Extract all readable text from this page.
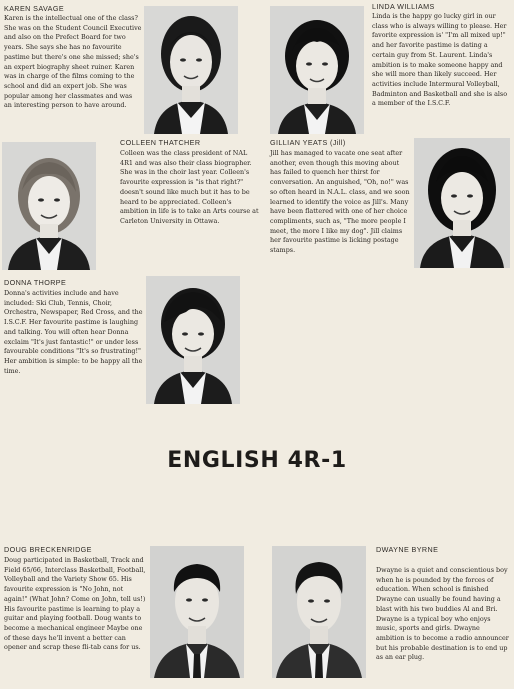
KAREN SAVAGE

Karen is the intellectual one of the class? She was on the Student Council Executive and also on the Prefect Board for two years. She says she has no favourite pastime but there's one she missed; she's an expert biography sheet ruiner. Karen was in charge of the films coming to the school and did an expert job. She was popular among her classmates and was an interesting person to have around.

LINDA WILLIAMS

Linda is the happy go lucky girl in our class who is always willing to please. Her favorite expression is' "I'm all mixed up!" and her favorite pastime is dating a certain guy from St. Laurent. Linda's ambition is to make someone happy and she will more than likely succeed. Her activities include Intermural Volleyball, Badminton and Basketball and she is also a member of the I.S.C.F.

COLLEEN THATCHER

Colleen was the class president of NAL 4R1 and was also their class biographer. She was in the choir last year. Colleen's favourite expression is "is that right?" doesn't sound like much but it has to be heard to be appreciated. Colleen's ambition in life is to take an Arts course at Carleton University in Ottawa.

GILLIAN YEATS (Jill)

Jill has managed to vacate one seat after another, even though this moving about has failed to quench her thirst for conversation. An anguished, "Oh, no!" was so often heard in N.A.L. class, and we soon learned to identify the voice as Jill's. Many have been flattered with one of her choice compliments, such as, "The more people I meet, the more I like my dog". Jill claims her favourite pastime is licking postage stamps.

DONNA THORPE

Donna's activities include and have included: Ski Club, Tennis, Choir, Orchestra, Newspaper, Red Cross, and the I.S.C.F. Her favourite pastime is laughing and talking. You will often hear Donna exclaim "It's just fantastic!" or under less favourable conditions "It's so frustrating!" Her ambition is simple: to be happy all the time.

ENGLISH 4R-1
DOUG BRECKENRIDGE

Doug participated in Basketball, Track and Field 65/66, Interclass Basketball, Football, Volleyball and the Variety Show 65. His favourite expression is "No John, not again!" (What John? Come on John, tell us!) His favourite pastime is learning to play a guitar and playing football. Doug wants to become a mechanical engineer Maybe one of these days he'll invent a better can opener and scrap these fli-tab cans for us.

DWAYNE BYRNE

Dwayne is a quiet and conscientious boy when he is pounded by the forces of education. When school is finished Dwayne can usually be found having a blast with his two buddies Al and Bri. Dwayne is a typical boy who enjoys music, sports and girls. Dwayne ambition is to become a radio announcer but his probable destination is to end up as an ear plug.
